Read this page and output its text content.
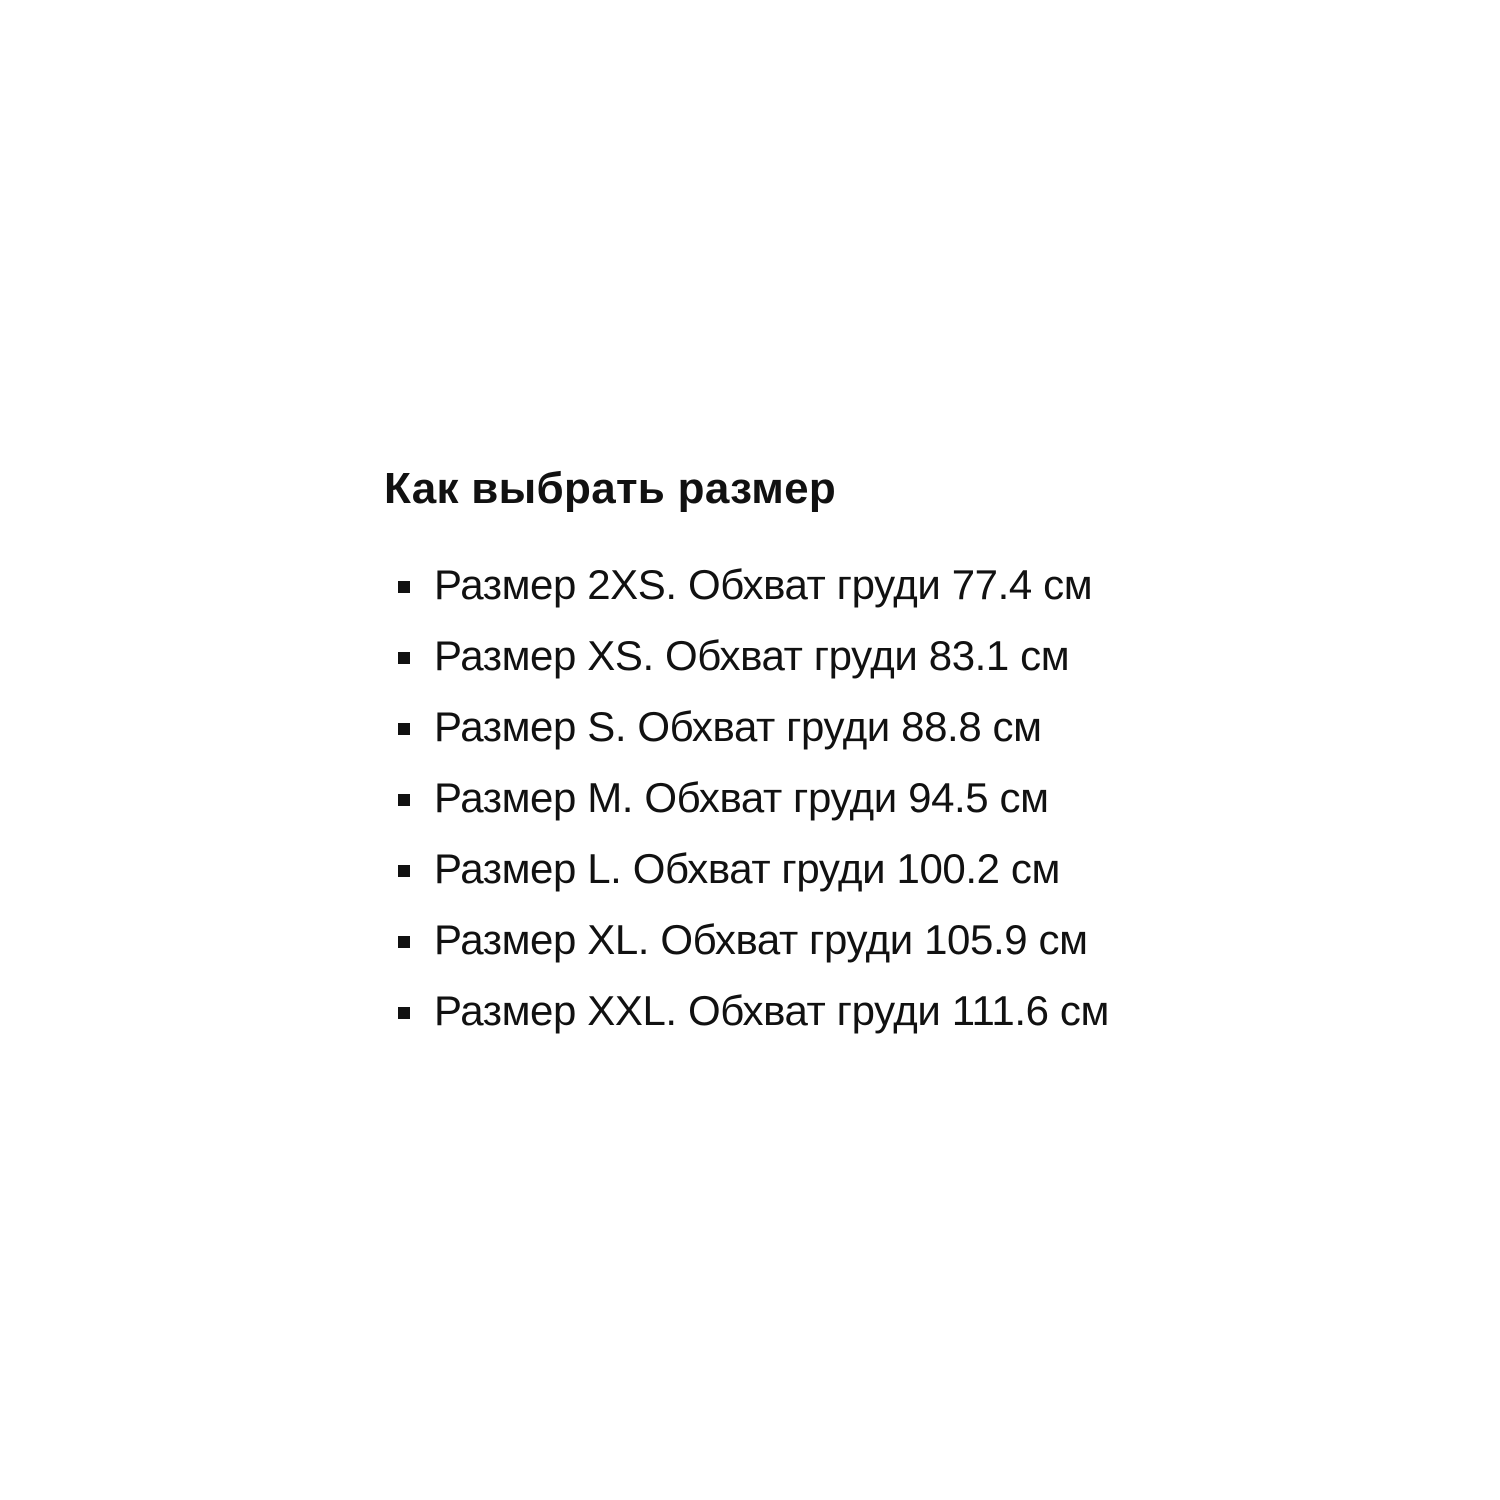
Как выбрать размер
Размер 2XS. Обхват груди 77.4 см
Размер XS. Обхват груди 83.1 см
Размер S. Обхват груди 88.8 см
Размер M. Обхват груди 94.5 см
Размер L. Обхват груди 100.2 см
Размер XL. Обхват груди 105.9 см
Размер XXL. Обхват груди 111.6 см
